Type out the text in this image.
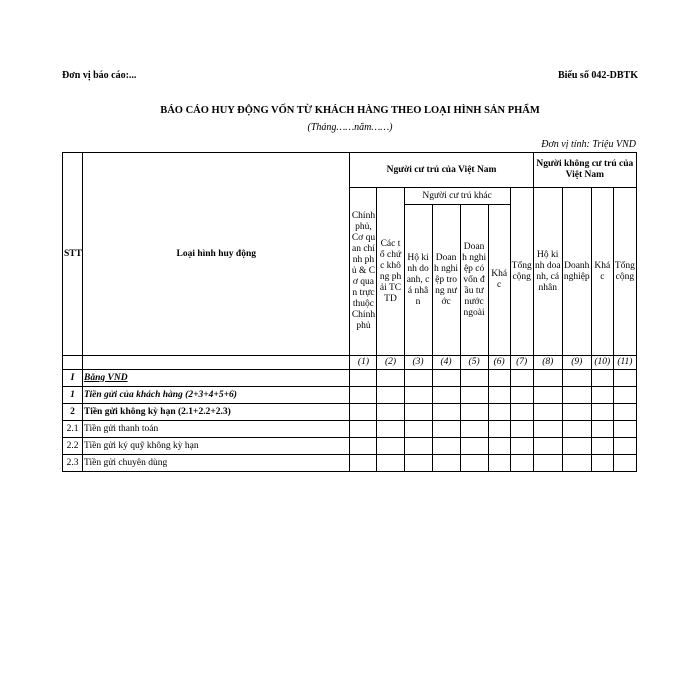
Đơn vị báo cáo:...	Biểu số 042-DBTK
BÁO CÁO HUY ĐỘNG VỐN TỪ KHÁCH HÀNG THEO LOẠI HÌNH SẢN PHẨM
(Tháng……năm……)
Đơn vị tính: Triệu VND
STT	Loại hình huy động	Người cư trú của Việt Nam							Người không cư trú của Việt Nam			
		Chính phủ, Cơ quan chính phủ & Cơ quan trực thuộc Chính phủ	Các tổ chức không phải TCTD	Người cư trú khác				Tổng cộng	Hộ kinh doanh, cá nhân	Doanh nghiệp	Khác	Tổng cộng
				Hộ kinh doanh, cá nhân	Doanh nghiệp trong nước	Doanh nghiệp có vốn đầu tư nước ngoài	Khác					
		(1)	(2)	(3)	(4)	(5)	(6)	(7)	(8)	(9)	(10)	(11)
I	Bằng VND											
1	Tiền gửi của khách hàng (2+3+4+5+6)											
2	Tiền gửi không kỳ hạn (2.1+2.2+2.3)											
2.1	Tiền gửi thanh toán											
2.2	Tiền gửi ký quỹ không kỳ hạn											
2.3	Tiền gửi chuyên dùng											
